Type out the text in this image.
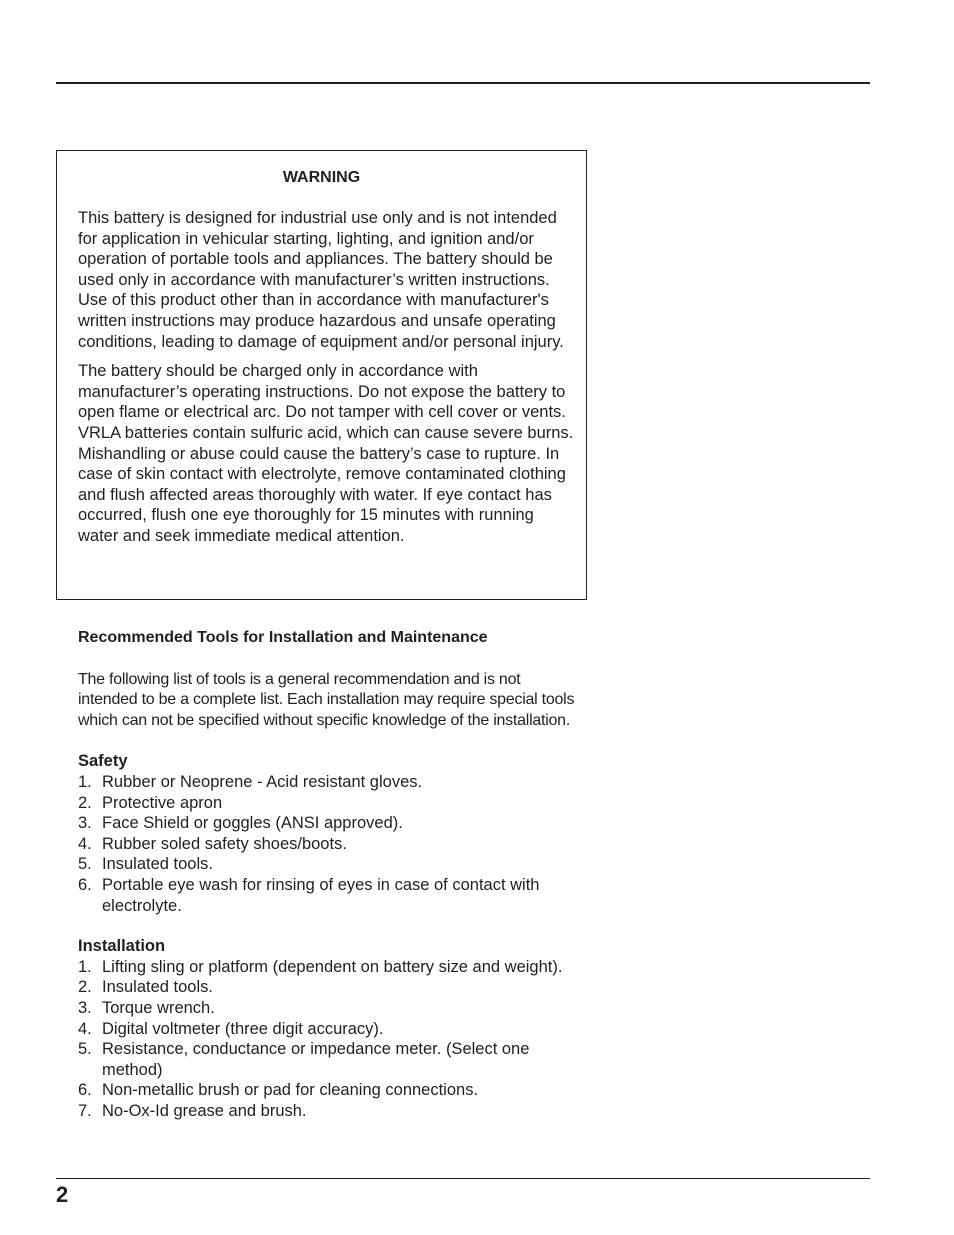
WARNING

This battery is designed for industrial use only and is not intended for application in vehicular starting, lighting, and ignition and/or operation of portable tools and appliances. The battery should be used only in accordance with manufacturer’s written instructions. Use of this product other than in accordance with manufacturer's written instructions may produce hazardous and unsafe operating conditions, leading to damage of equipment and/or personal injury.

The battery should be charged only in accordance with manufacturer’s operating instructions. Do not expose the battery to open flame or electrical arc. Do not tamper with cell cover or vents. VRLA batteries contain sulfuric acid, which can cause severe burns. Mishandling or abuse could cause the battery’s case to rupture. In case of skin contact with electrolyte, remove contaminated clothing and flush affected areas thoroughly with water. If eye contact has occurred, flush one eye thoroughly for 15 minutes with running water and seek immediate medical attention.

Recommended Tools for Installation and Maintenance

The following list of tools is a general recommendation and is not intended to be a complete list. Each installation may require special tools which can not be specified without specific knowledge of the installation.

Safety
1. Rubber or Neoprene - Acid resistant gloves.
2. Protective apron
3. Face Shield or goggles (ANSI approved).
4. Rubber soled safety shoes/boots.
5. Insulated tools.
6. Portable eye wash for rinsing of eyes in case of contact with electrolyte.
Installation
1. Lifting sling or platform (dependent on battery size and weight).
2. Insulated tools.
3. Torque wrench.
4. Digital voltmeter (three digit accuracy).
5. Resistance, conductance or impedance meter. (Select one method)
6. Non-metallic brush or pad for cleaning connections.
7. No-Ox-Id grease and brush.
2
